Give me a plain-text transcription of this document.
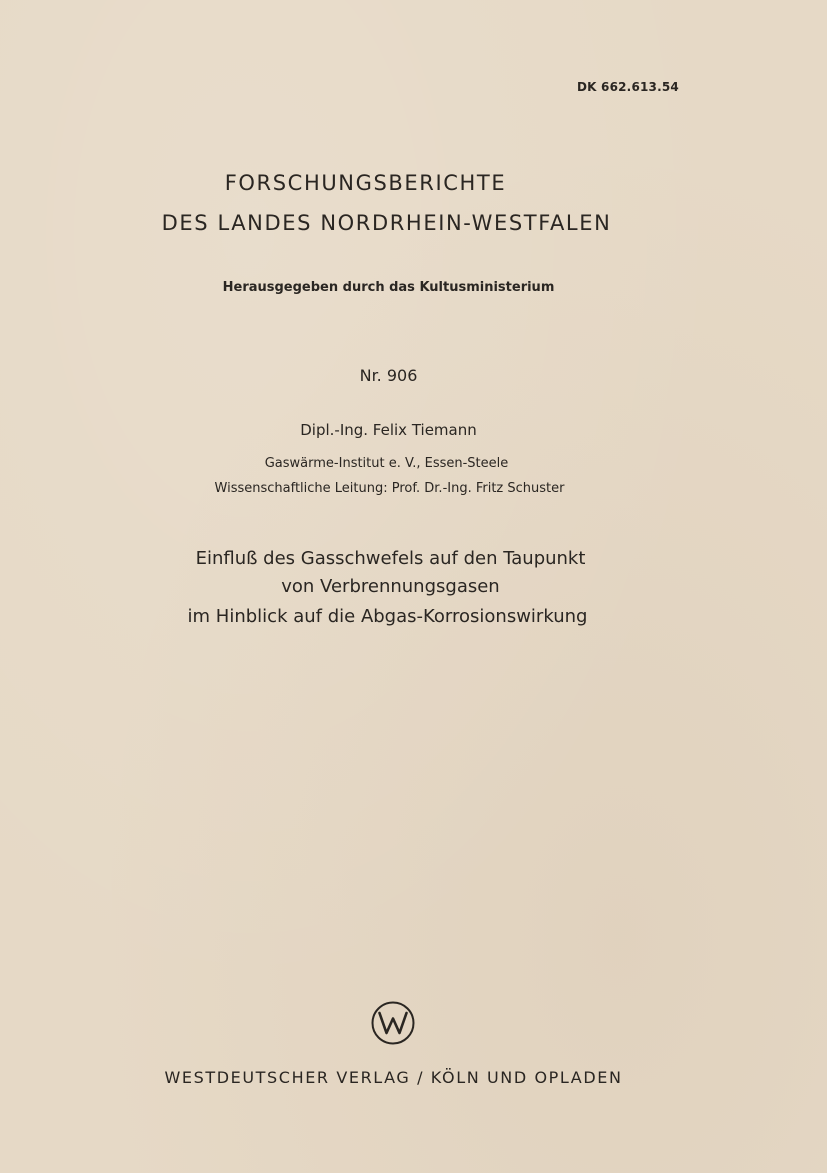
DK 662.613.54
FORSCHUNGSBERICHTE
DES LANDES NORDRHEIN-WESTFALEN
Herausgegeben durch das Kultusministerium
Nr. 906
Dipl.-Ing. Felix Tiemann
Gaswärme-Institut e. V., Essen-Steele
Wissenschaftliche Leitung: Prof. Dr.-Ing. Fritz Schuster
Einfluß des Gasschwefels auf den Taupunkt
von Verbrennungsgasen
im Hinblick auf die Abgas-Korrosionswirkung
WESTDEUTSCHER VERLAG / KÖLN UND OPLADEN
